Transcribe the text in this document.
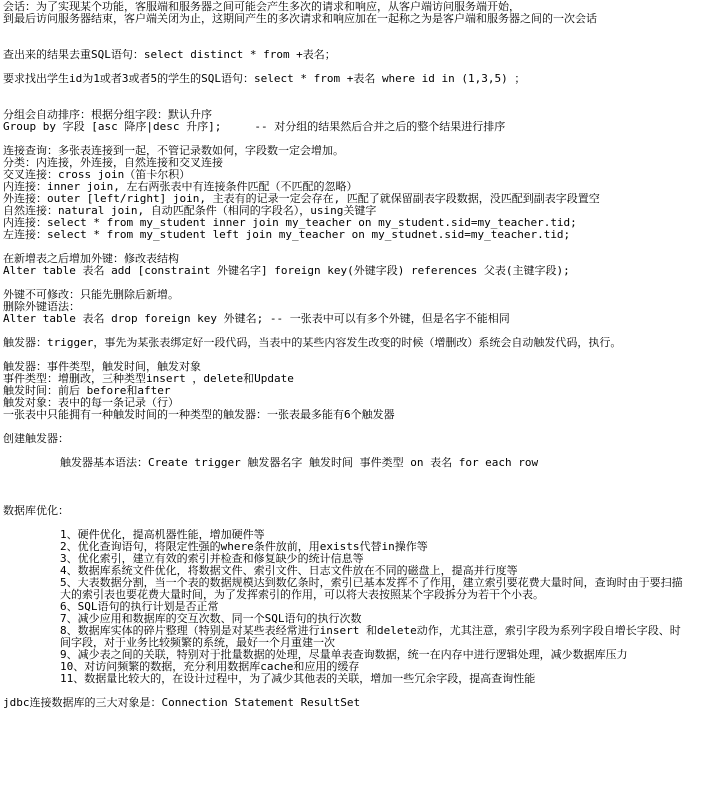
会话：为了实现某个功能，客服端和服务器之间可能会产生多次的请求和响应，从客户端访问服务端开始，
到最后访问服务器结束，客户端关闭为止，这期间产生的多次请求和响应加在一起称之为是客户端和服务器之间的一次会话
查出来的结果去重SQL语句：select distinct * from +表名；
要求找出学生id为1或者3或者5的学生的SQL语句：select * from +表名 where id in (1,3,5) ；
分组会自动排序：根据分组字段：默认升序
Group by 字段 [asc 降序|desc 升序];     -- 对分组的结果然后合并之后的整个结果进行排序
连接查询：多张表连接到一起，不管记录数如何，字段数一定会增加。
分类：内连接，外连接，自然连接和交叉连接
交叉连接：cross join（笛卡尔积）
内连接：inner join, 左右两张表中有连接条件匹配（不匹配的忽略）
外连接：outer [left/right] join, 主表有的记录一定会存在, 匹配了就保留副表字段数据，没匹配到副表字段置空
自然连接：natural join, 自动匹配条件（相同的字段名），using关键字
内连接：select * from my_student inner join my_teacher on my_student.sid=my_teacher.tid;
左连接：select * from my_student left join my_teacher on my_studnet.sid=my_teacher.tid;
在新增表之后增加外键：修改表结构
Alter table 表名 add [constraint 外键名字] foreign key(外键字段) references 父表(主键字段);
外键不可修改：只能先删除后新增。
删除外键语法：
Alter table 表名 drop foreign key 外键名; -- 一张表中可以有多个外键，但是名字不能相同
触发器：trigger，事先为某张表绑定好一段代码，当表中的某些内容发生改变的时候（增删改）系统会自动触发代码，执行。
触发器：事件类型，触发时间，触发对象
事件类型：增删改，三种类型insert ，delete和Update
触发时间：前后 before和after
触发对象：表中的每一条记录（行）
一张表中只能拥有一种触发时间的一种类型的触发器：一张表最多能有6个触发器
创建触发器：
触发器基本语法：Create trigger 触发器名字 触发时间 事件类型 on 表名 for each row
数据库优化：
1、硬件优化，提高机器性能，增加硬件等
2、优化查询语句，将限定性强的where条件放前，用exists代替in操作等
3、优化索引，建立有效的索引并检查和修复缺少的统计信息等
4、数据库系统文件优化，将数据文件、索引文件、日志文件放在不同的磁盘上，提高并行度等
5、大表数据分割，当一个表的数据规模达到数亿条时，索引已基本发挥不了作用，建立索引要花费大量时间，查询时由于要扫描大的索引表也要花费大量时间，为了发挥索引的作用，可以将大表按照某个字段拆分为若干个小表。
6、SQL语句的执行计划是否正常
7、减少应用和数据库的交互次数、同一个SQL语句的执行次数
8、数据库实体的碎片整理（特别是对某些表经常进行insert 和delete动作，尤其注意，索引字段为系列字段自增长字段、时间字段，对于业务比较频繁的系统，最好一个月重建一次
9、减少表之间的关联，特别对于批量数据的处理，尽量单表查询数据，统一在内存中进行逻辑处理，减少数据库压力
10、对访问频繁的数据，充分利用数据库cache和应用的缓存
11、数据量比较大的，在设计过程中，为了减少其他表的关联，增加一些冗余字段，提高查询性能
jdbc连接数据库的三大对象是：Connection Statement ResultSet
